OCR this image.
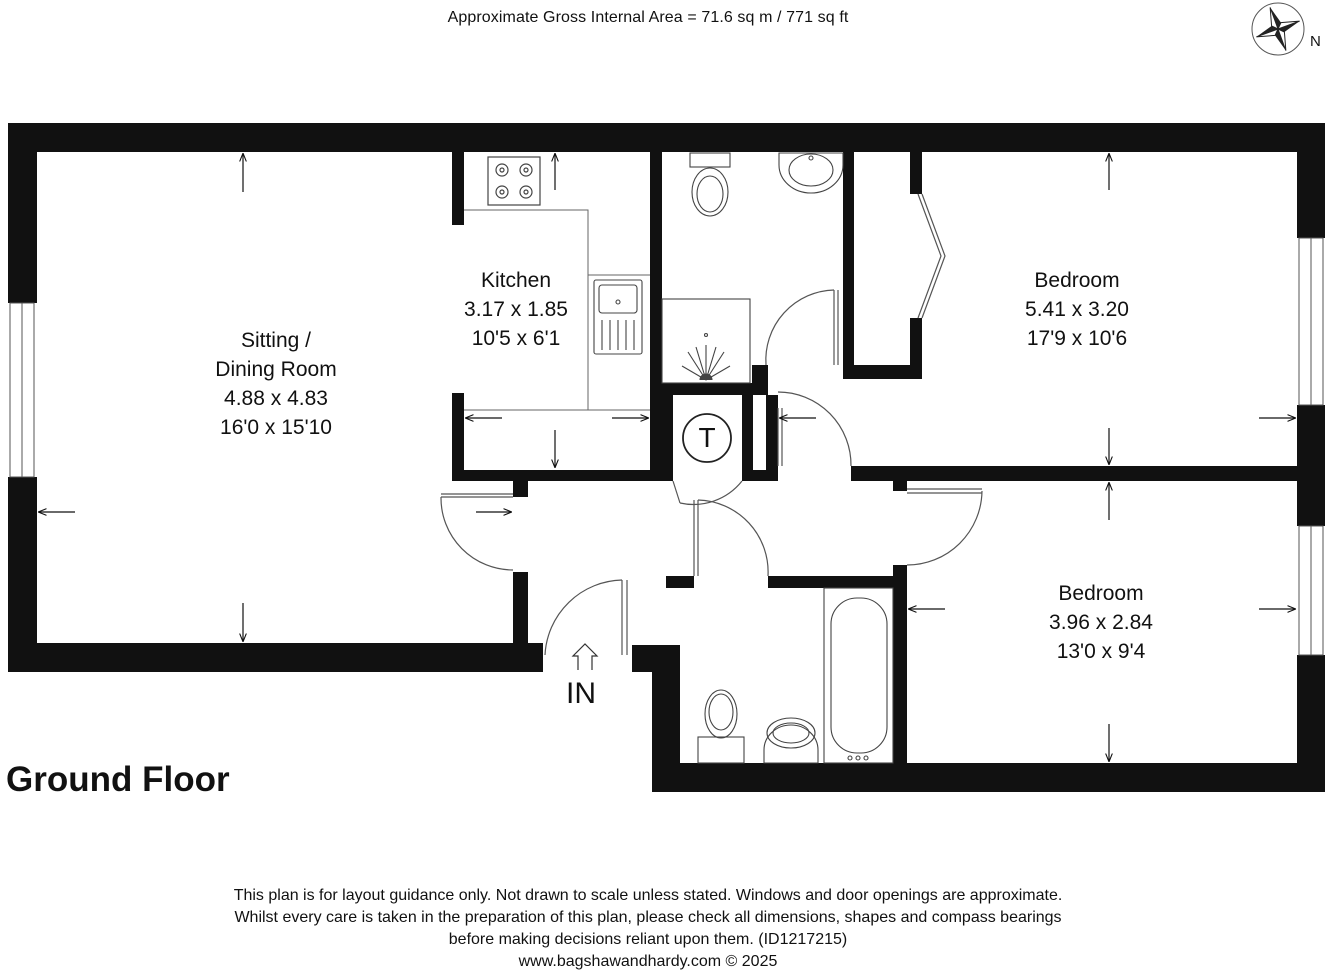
Approximate Gross Internal Area = 71.6 sq m / 771 sq ft
N
Sitting /
Dining Room
4.88 x 4.83
16'0 x 15'10
Kitchen
3.17 x 1.85
10'5 x 6'1
Bedroom
5.41 x 3.20
17'9 x 10'6
Bedroom
3.96 x 2.84
13'0 x 9'4
T
IN
Ground Floor
This plan is for layout guidance only. Not drawn to scale unless stated. Windows and door openings are approximate.
Whilst every care is taken in the preparation of this plan, please check all dimensions, shapes and compass bearings
before making decisions reliant upon them. (ID1217215)
www.bagshawandhardy.com © 2025
